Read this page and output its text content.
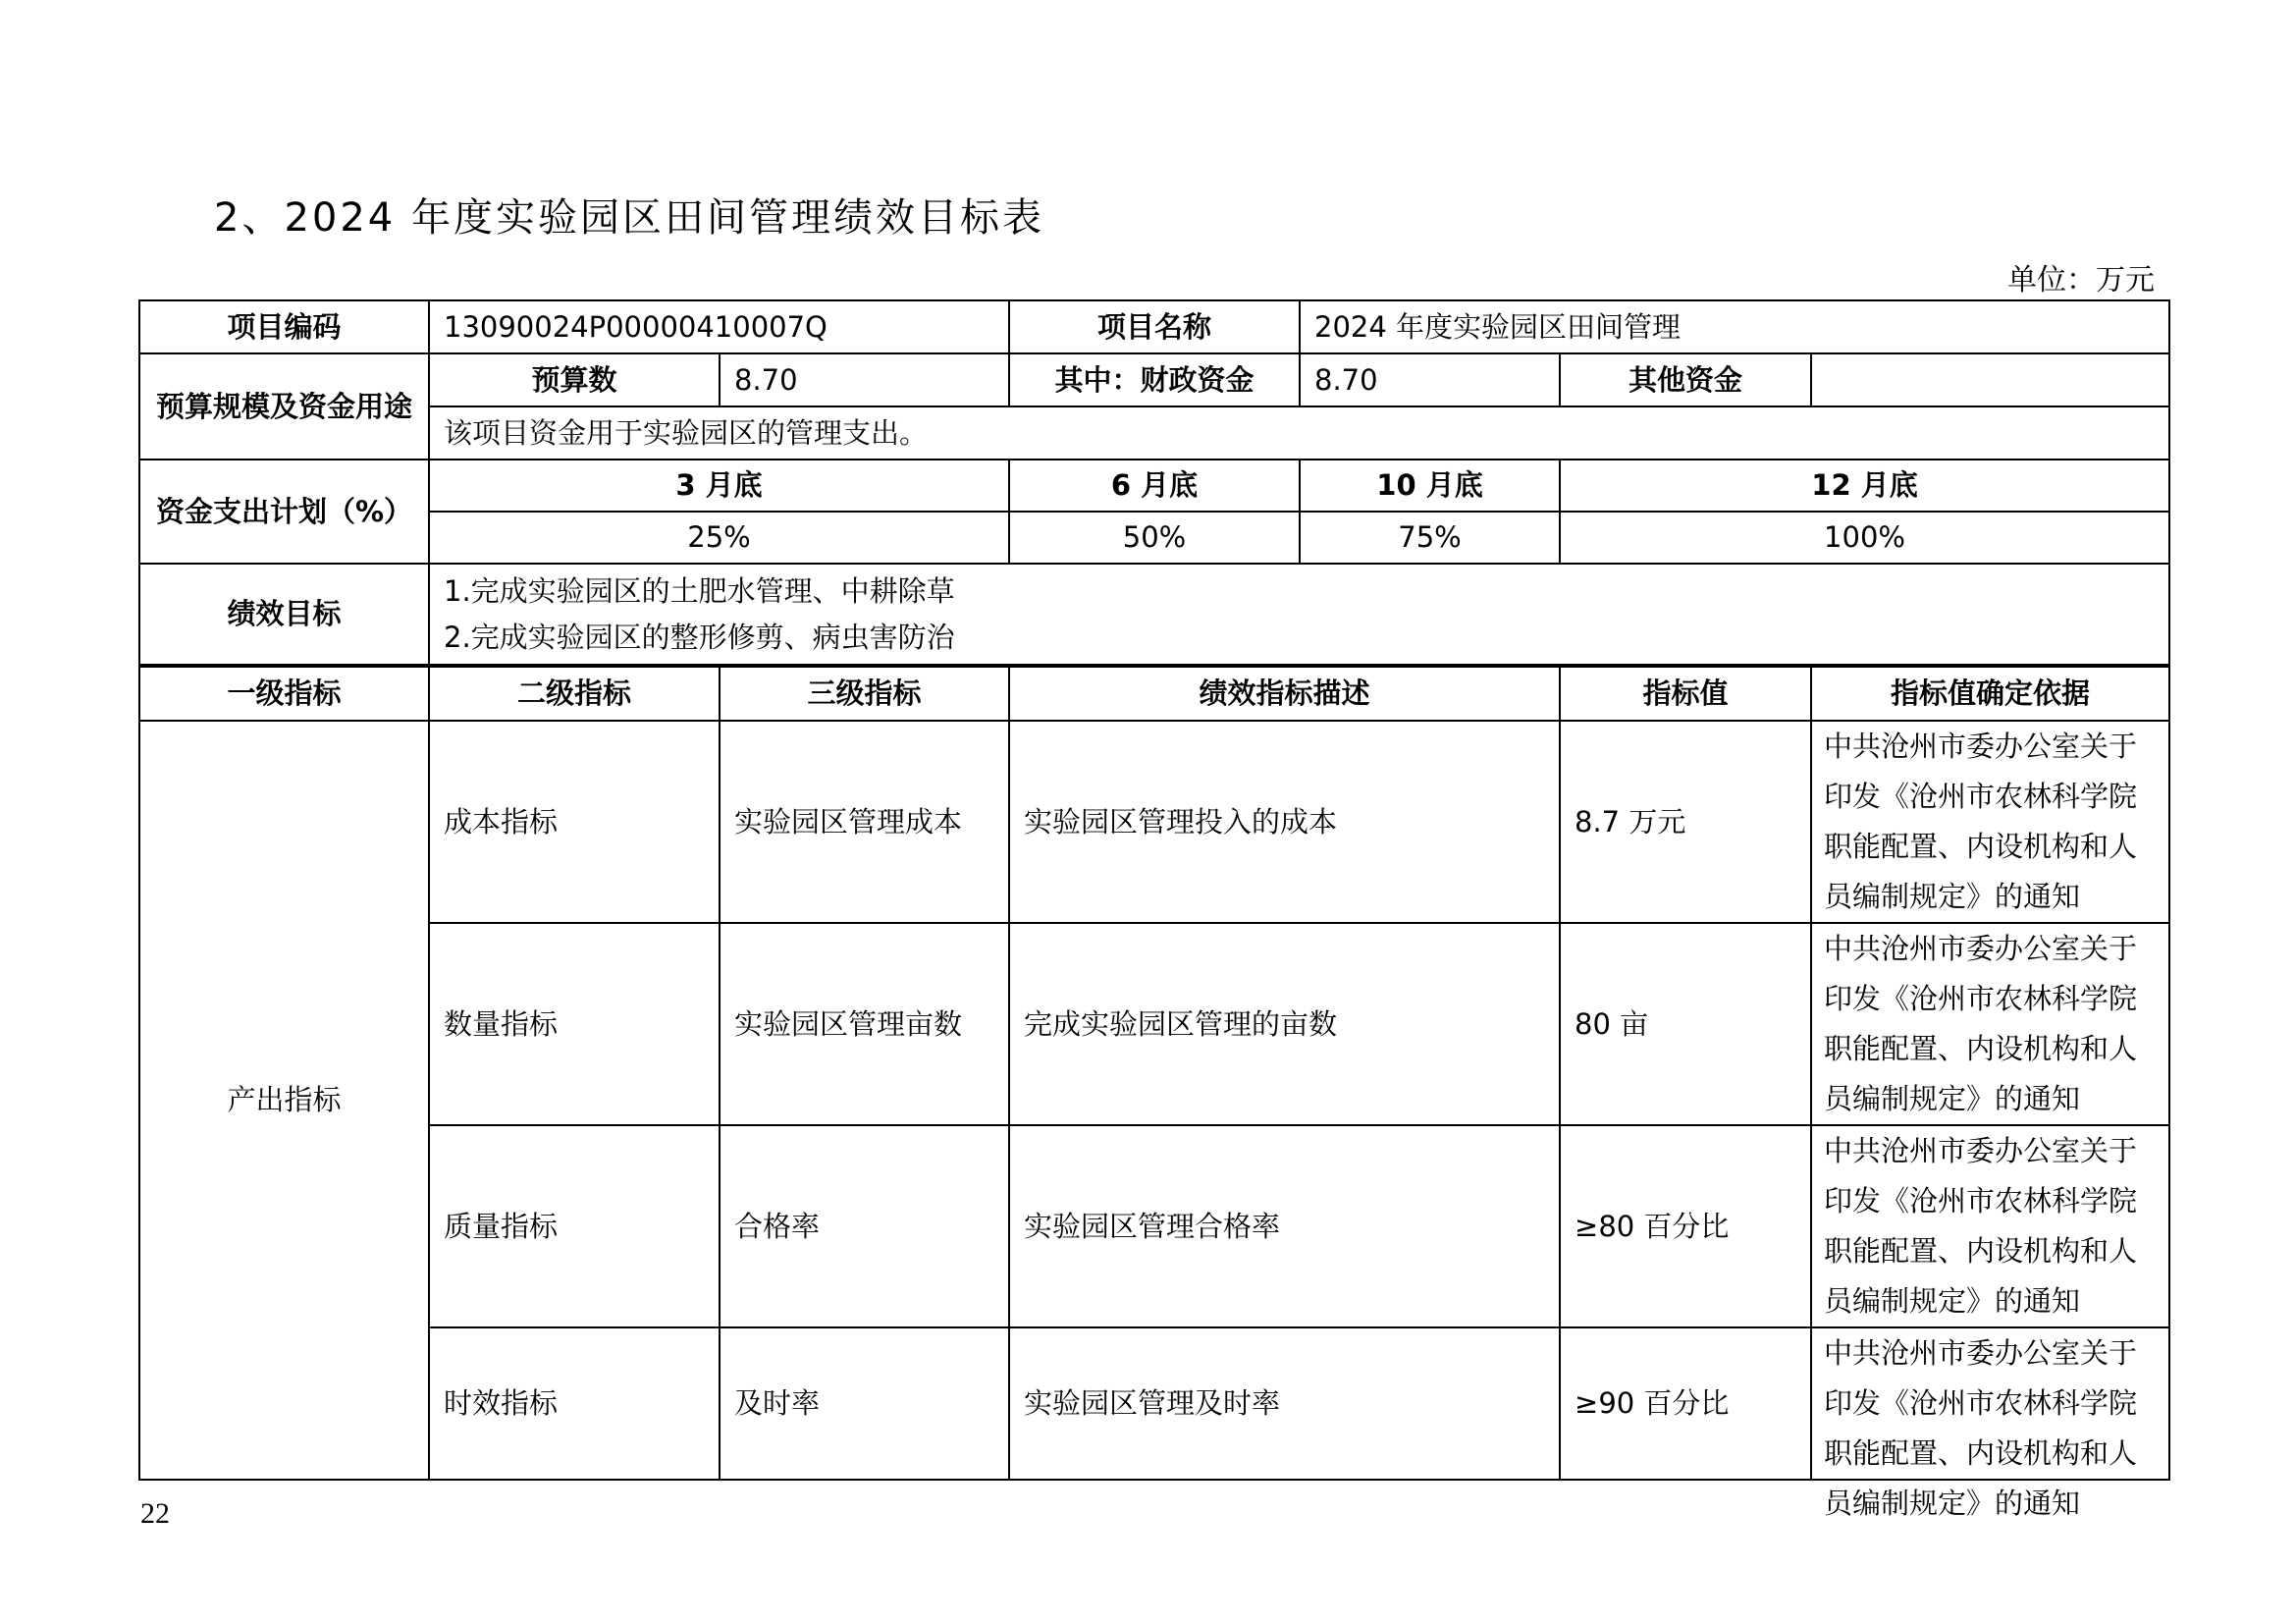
2、2024 年度实验园区田间管理绩效目标表
单位：万元
项目编码	13090024P00000410007Q		项目名称	2024 年度实验园区田间管理		
预算规模及资金用途	预算数	8.70	其中：财政资金	8.70	其他资金	
	该项目资金用于实验园区的管理支出。					
资金支出计划（%）	3 月底		6 月底	10 月底	12 月底	
	25%		50%	75%	100%	
绩效目标	1.完成实验园区的土肥水管理、中耕除草
2.完成实验园区的整形修剪、病虫害防治					

一级指标	二级指标	三级指标	绩效指标描述		指标值	指标值确定依据
产出指标	成本指标	实验园区管理成本	实验园区管理投入的成本		8.7 万元	中共沧州市委办公室关于印发《沧州市农林科学院职能配置、内设机构和人员编制规定》的通知
	数量指标	实验园区管理亩数	完成实验园区管理的亩数		80 亩	中共沧州市委办公室关于印发《沧州市农林科学院职能配置、内设机构和人员编制规定》的通知
	质量指标	合格率	实验园区管理合格率		≥80 百分比	中共沧州市委办公室关于印发《沧州市农林科学院职能配置、内设机构和人员编制规定》的通知
	时效指标	及时率	实验园区管理及时率		≥90 百分比	中共沧州市委办公室关于印发《沧州市农林科学院职能配置、内设机构和人员编制规定》的通知
22
